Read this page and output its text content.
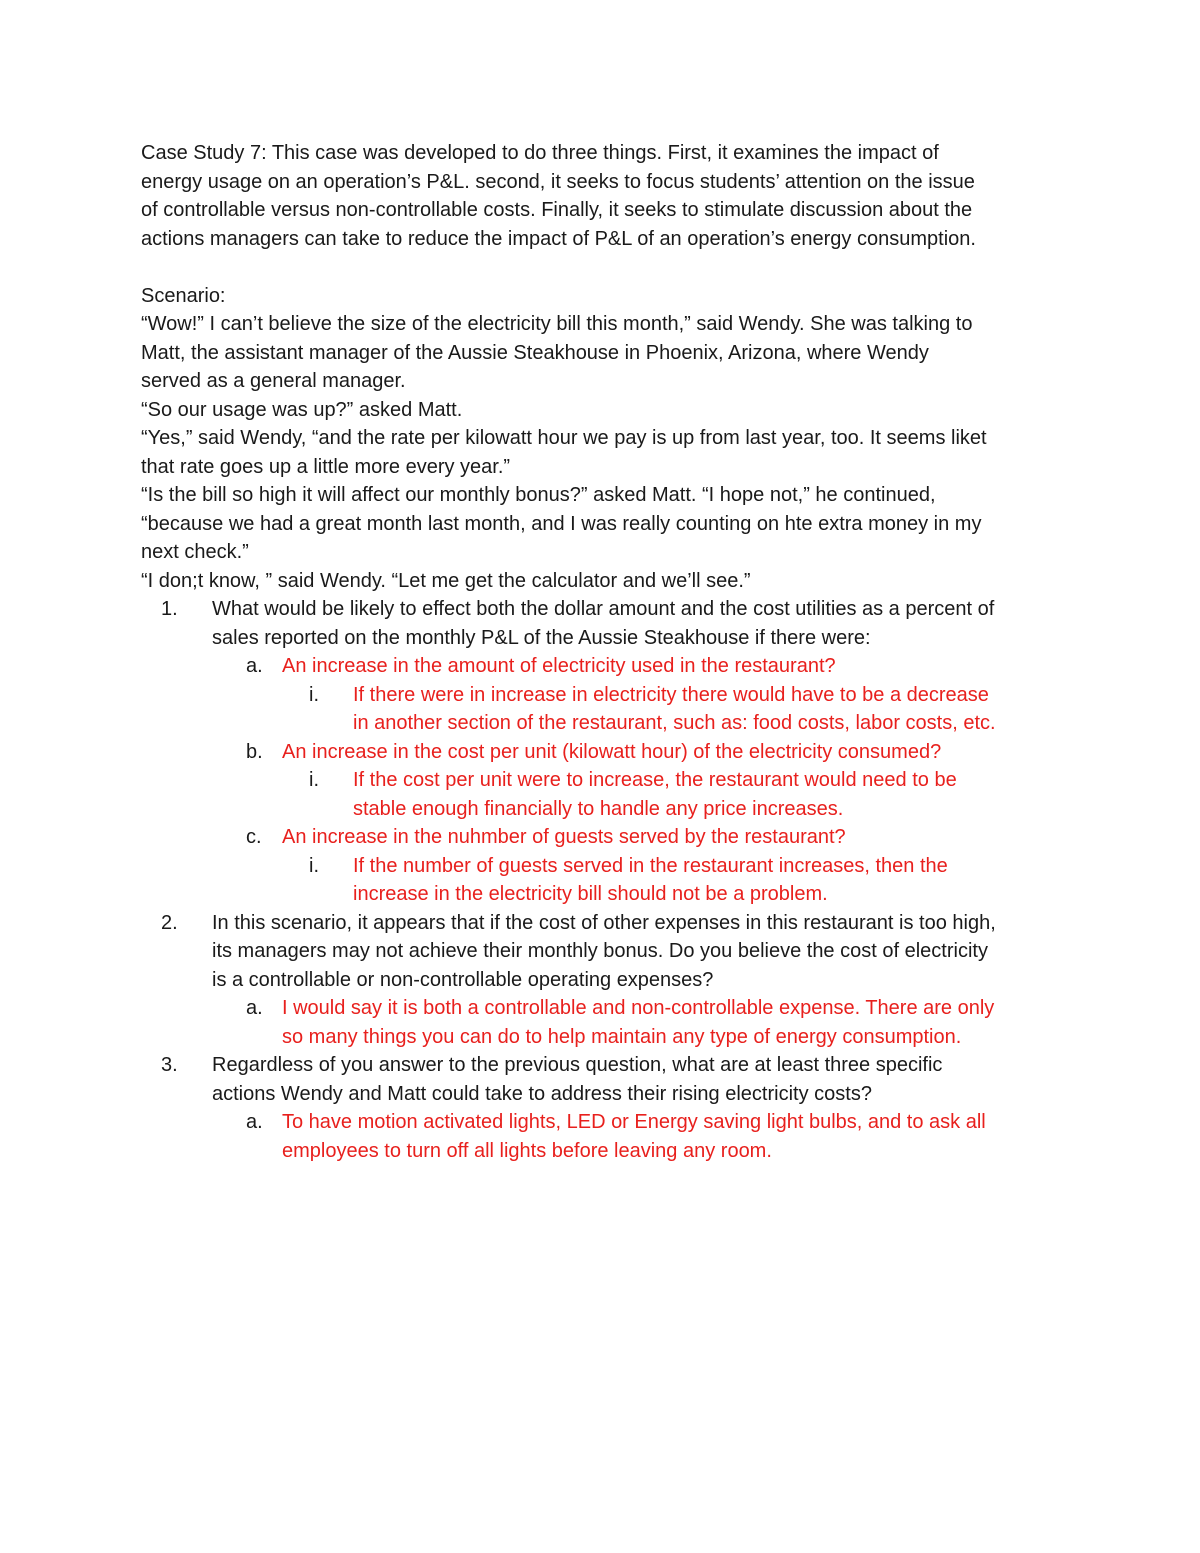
Case Study 7: This case was developed to do three things. First, it examines the impact of
energy usage on an operation’s P&L. second, it seeks to focus students’ attention on the issue
of controllable versus non-controllable costs. Finally, it seeks to stimulate discussion about the
actions managers can take to reduce the impact of P&L of an operation’s energy consumption.
Scenario:
“Wow!” I can’t believe the size of the electricity bill this month,” said Wendy. She was talking to
Matt, the assistant manager of the Aussie Steakhouse in Phoenix, Arizona, where Wendy
served as a general manager.
“So our usage was up?” asked Matt.
“Yes,” said Wendy, “and the rate per kilowatt hour we pay is up from last year, too. It seems liket
that rate goes up a little more every year.”
“Is the bill so high it will affect our monthly bonus?” asked Matt. “I hope not,” he continued,
“because we had a great month last month, and I was really counting on hte extra money in my
next check.”
“I don;t know, ” said Wendy. “Let me get the calculator and we’ll see.”
1.	What would be likely to effect both the dollar amount and the cost utilities as a percent of
sales reported on the monthly P&L of the Aussie Steakhouse if there were:
a. An increase in the amount of electricity used in the restaurant?
i.	If there were in increase in electricity there would have to be a decrease
in another section of the restaurant, such as: food costs, labor costs, etc.
b. An increase in the cost per unit (kilowatt hour) of the electricity consumed?
i.	If the cost per unit were to increase, the restaurant would need to be
stable enough financially to handle any price increases.
c.	An increase in the nuhmber of guests served by the restaurant?
i.	If the number of guests served in the restaurant increases, then the
increase in the electricity bill should not be a problem.
2.	In this scenario, it appears that if the cost of other expenses in this restaurant is too high,
its managers may not achieve their monthly bonus. Do you believe the cost of electricity
is a controllable or non-controllable operating expenses?
a. I would say it is both a controllable and non-controllable expense. There are only
so many things you can do to help maintain any type of energy consumption.
3.	Regardless of you answer to the previous question, what are at least three specific
actions Wendy and Matt could take to address their rising electricity costs?
a. To have motion activated lights, LED or Energy saving light bulbs, and to ask all
employees to turn off all lights before leaving any room.
